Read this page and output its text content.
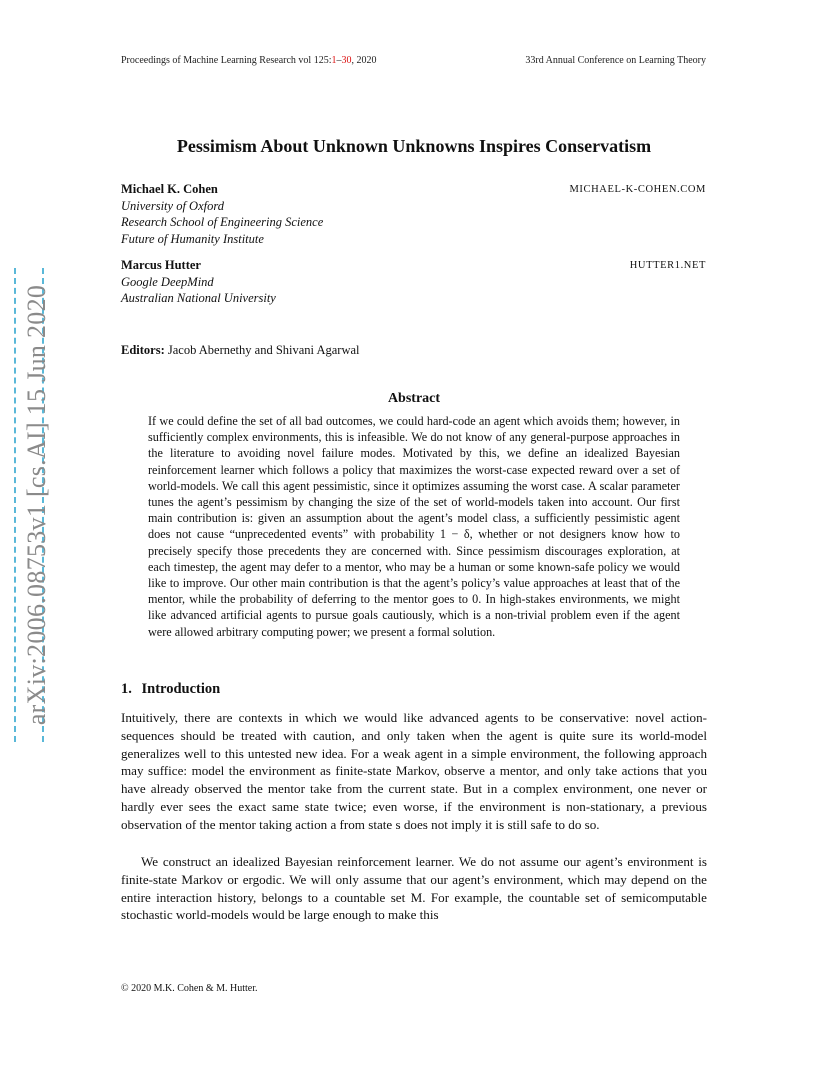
Proceedings of Machine Learning Research vol 125:1–30, 2020	33rd Annual Conference on Learning Theory
arXiv:2006.08753v1 [cs.AI] 15 Jun 2020
Pessimism About Unknown Unknowns Inspires Conservatism
Michael K. Cohen
University of Oxford
Research School of Engineering Science
Future of Humanity Institute
MICHAEL-K-COHEN.COM
Marcus Hutter
Google DeepMind
Australian National University
HUTTER1.NET
Editors: Jacob Abernethy and Shivani Agarwal
Abstract
If we could define the set of all bad outcomes, we could hard-code an agent which avoids them; however, in sufficiently complex environments, this is infeasible. We do not know of any general-purpose approaches in the literature to avoiding novel failure modes. Motivated by this, we define an idealized Bayesian reinforcement learner which follows a policy that maximizes the worst-case expected reward over a set of world-models. We call this agent pessimistic, since it optimizes assuming the worst case. A scalar parameter tunes the agent’s pessimism by changing the size of the set of world-models taken into account. Our first main contribution is: given an assumption about the agent’s model class, a sufficiently pessimistic agent does not cause “unprecedented events” with probability 1 − δ, whether or not designers know how to precisely specify those precedents they are concerned with. Since pessimism discourages exploration, at each timestep, the agent may defer to a mentor, who may be a human or some known-safe policy we would like to improve. Our other main contribution is that the agent’s policy’s value approaches at least that of the mentor, while the probability of deferring to the mentor goes to 0. In high-stakes environments, we might like advanced artificial agents to pursue goals cautiously, which is a non-trivial problem even if the agent were allowed arbitrary computing power; we present a formal solution.
1. Introduction

Intuitively, there are contexts in which we would like advanced agents to be conservative: novel action-sequences should be treated with caution, and only taken when the agent is quite sure its world-model generalizes well to this untested new idea. For a weak agent in a simple environment, the following approach may suffice: model the environment as finite-state Markov, observe a mentor, and only take actions that you have already observed the mentor take from the current state. But in a complex environment, one never or hardly ever sees the exact same state twice; even worse, if the environment is non-stationary, a previous observation of the mentor taking action a from state s does not imply it is still safe to do so.

We construct an idealized Bayesian reinforcement learner. We do not assume our agent’s environment is finite-state Markov or ergodic. We will only assume that our agent’s environment, which may depend on the entire interaction history, belongs to a countable set M. For example, the countable set of semicomputable stochastic world-models would be large enough to make this

© 2020 M.K. Cohen & M. Hutter.
